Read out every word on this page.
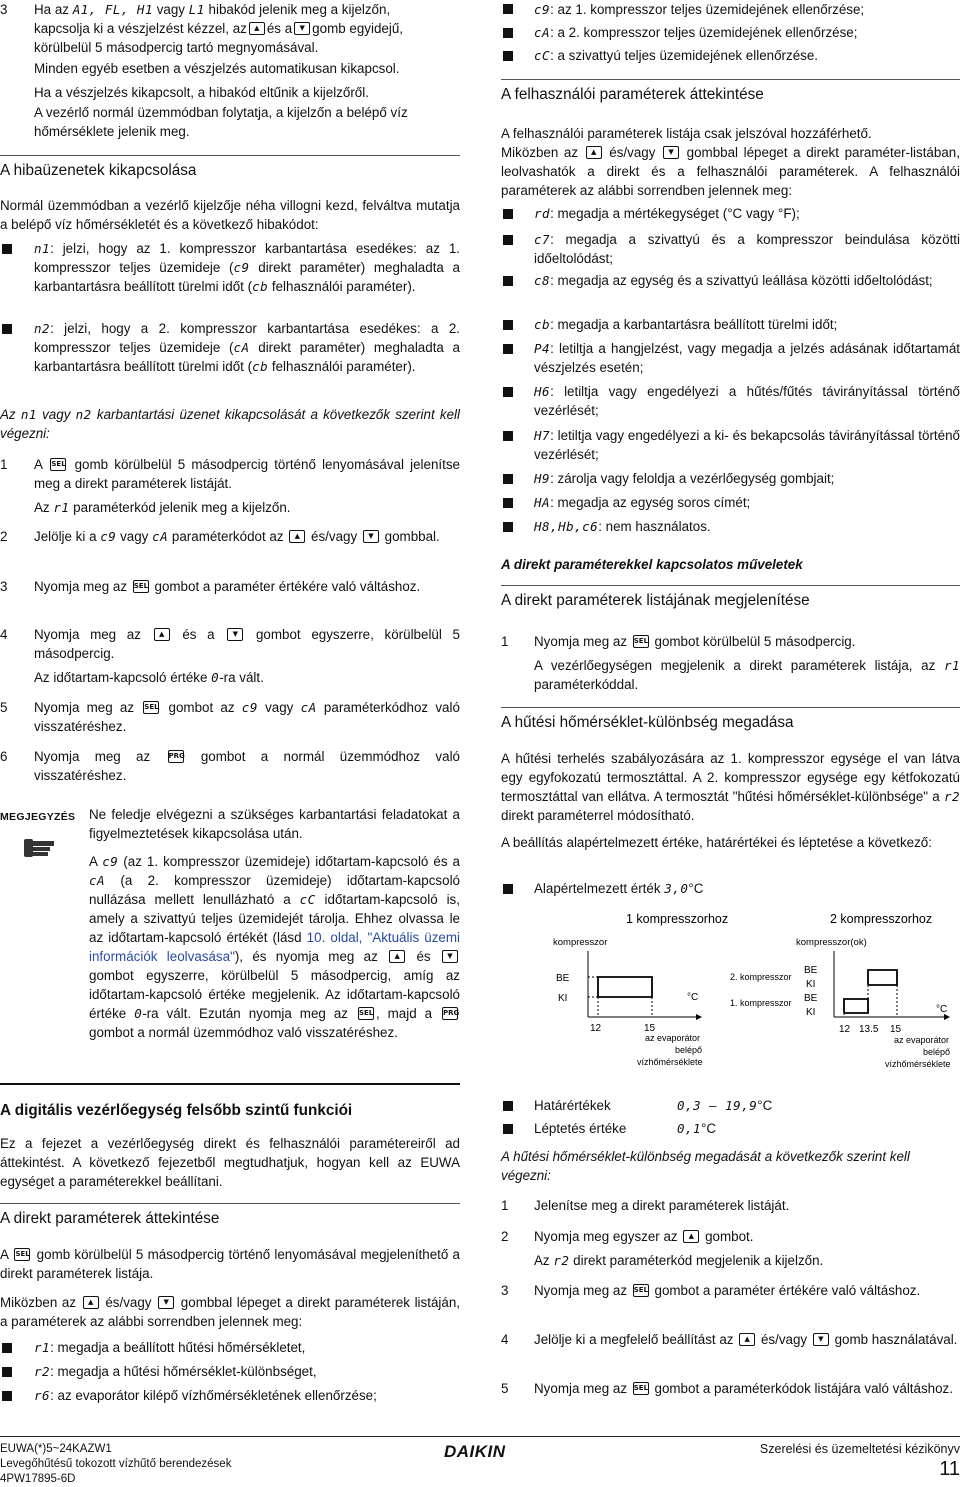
3 Ha az A1, FL, H1 vagy L1 hibakód jelenik meg a kijelzőn,

kapcsolja ki a vészjelzést kézzel, az ▲ és a ▼ gomb egyidejű,

körülbelül 5 másodpercig tartó megnyomásával.

Minden egyéb esetben a vészjelzés automatikusan kikapcsol.

Ha a vészjelzés kikapcsolt, a hibakód eltűnik a kijelzőről.

A vezérlő normál üzemmódban folytatja, a kijelzőn a belépő víz hőmérséklete jelenik meg.

A hibaüzenetek kikapcsolása

Normál üzemmódban a vezérlő kijelzője néha villogni kezd, felváltva mutatja a belépő víz hőmérsékletét és a következő hibakódot:

n1: jelzi, hogy az 1. kompresszor karbantartása esedékes: az 1. kompresszor teljes üzemideje (c9 direkt paraméter) meghaladta a karbantartásra beállított türelmi időt (cb felhasználói paraméter).

n2: jelzi, hogy a 2. kompresszor karbantartása esedékes: a 2. kompresszor teljes üzemideje (cA direkt paraméter) meghaladta a karbantartásra beállított türelmi időt (cb felhasználói paraméter).

Az n1 vagy n2 karbantartási üzenet kikapcsolását a következők szerint kell végezni:

1 A SEL gomb körülbelül 5 másodpercig történő lenyomásával jelenítse meg a direkt paraméterek listáját.

Az r1 paraméterkód jelenik meg a kijelzőn.

2 Jelölje ki a c9 vagy cA paraméterkódot az ▲ és/vagy ▼ gombbal.

3 Nyomja meg az SEL gombot a paraméter értékére való váltáshoz.

4 Nyomja meg az	▲ és a	▼ gombot egyszerre, körülbelül 5 másodpercig.

Az időtartam-kapcsoló értéke 0-ra vált.

5 Nyomja meg az SEL gombot az c9 vagy cA paraméterkódhoz való visszatéréshez.

6 Nyomja meg az	PRG gombot a normál üzemmódhoz való visszatéréshez.

MEGJEGYZÉS	Ne feledje elvégezni a szükséges karbantartási feladatokat a figyelmeztetések kikapcsolása után.

A c9 (az 1. kompresszor üzemideje) időtartam-kapcsoló és a cA (a 2. kompresszor üzemideje) időtartam-kapcsoló nullázása mellett lenullázható a cC időtartam-kapcsoló is, amely a szivattyú teljes üzemidejét tárolja. Ehhez olvassa le az időtartam-kapcsoló értékét (lásd 10. oldal, "Aktuális üzemi információk leolvasása"), és nyomja meg az ▲ és ▼ gombot egyszerre, körülbelül 5 másodpercig, amíg az időtartam-kapcsoló értéke megjelenik. Az időtartam-kapcsoló értéke 0-ra vált. Ezután nyomja meg az SEL , majd a PRG gombot a normál üzemmódhoz való visszatéréshez.

A digitális vezérlőegység felsőbb szintű funkciói

Ez a fejezet a vezérlőegység direkt és felhasználói paramétereiről ad áttekintést. A következő fejezetből megtudhatjuk, hogyan kell az EUWA egységet a paraméterekkel beállítani.

A direkt paraméterek áttekintése

A SEL gomb körülbelül 5 másodpercig történő lenyomásával megjeleníthető a direkt paraméterek listája.

Miközben az ▲ és/vagy ▼ gombbal lépeget a direkt paraméterek listáján, a paraméterek az alábbi sorrendben jelennek meg:

r1: megadja a beállított hűtési hőmérsékletet,

r2: megadja a hűtési hőmérséklet-különbséget,

r6: az evaporátor kilépő vízhőmérsékletének ellenőrzése;

c9: az 1. kompresszor teljes üzemidejének ellenőrzése;

cA: a 2. kompresszor teljes üzemidejének ellenőrzése;

cC: a szivattyú teljes üzemidejének ellenőrzése.

A felhasználói paraméterek áttekintése

A felhasználói paraméterek listája csak jelszóval hozzáférhető.

Miközben az ▲ és/vagy ▼ gombbal lépeget a direkt paraméter-listában, leolvashatók a direkt és a felhasználói paraméterek. A felhasználói paraméterek az alábbi sorrendben jelennek meg:

rd: megadja a mértékegységet (°C vagy °F);

c7: megadja a szivattyú és a kompresszor beindulása közötti időeltolódást;

c8: megadja az egység és a szivattyú leállása közötti időeltolódást;

cb: megadja a karbantartásra beállított türelmi időt;

P4: letiltja a hangjelzést, vagy megadja a jelzés adásának időtartamát vészjelzés esetén;

H6: letiltja vagy engedélyezi a hűtés/fűtés távirányítással történő vezérlését;

H7: letiltja vagy engedélyezi a ki- és bekapcsolás távirányítással történő vezérlését;

H9: zárolja vagy feloldja a vezérlőegység gombjait;

HA: megadja az egység soros címét;

H8,Hb,c6: nem használatos.

A direkt paraméterekkel kapcsolatos műveletek
A direkt paraméterek listájának megjelenítése
1 Nyomja meg az SEL gombot körülbelül 5 másodpercig.

A vezérlőegységen megjelenik a direkt paraméterek listája, az r1 paraméterkóddal.

A hűtési hőmérséklet-különbség megadása

A hűtési terhelés szabályozására az 1. kompresszor egysége el van látva egy egyfokozatú termosztáttal. A 2. kompresszor egysége egy kétfokozatú termosztáttal van ellátva. A termosztát "hűtési hőmérséklet-különbsége" a r2 direkt paraméterrel módosítható.

A beállítás alapértelmezett értéke, határértékei és léptetése a következő:

Alapértelmezett érték 3,0°C

1 kompresszorhoz	2 kompresszorhoz
kompresszor	kompresszor(ok)
BE
KI
12	15
°C
az evaporátor
belépő
vízhőmérséklete
2. kompresszor
1. kompresszor
BE
KI
BE
KI
12 13.5 15
°C
az evaporátor
belépő
vízhőmérséklete

Határértékek	0,3 — 19,9°C

Léptetés értéke	0,1°C

A hűtési hőmérséklet-különbség megadását a következők szerint kell végezni:

1 Jelenítse meg a direkt paraméterek listáját.

2 Nyomja meg egyszer az ▲ gombot.

Az r2 direkt paraméterkód megjelenik a kijelzőn.

3 Nyomja meg az SEL gombot a paraméter értékére való váltáshoz.

4 Jelölje ki a megfelelő beállítást az ▲ és/vagy ▼ gomb használatával.

5 Nyomja meg az SEL gombot a paraméterkódok listájára való váltáshoz.

EUWA(*)5~24KAZW1
Levegőhűtésű tokozott vízhűtő berendezések
4PW17895-6D
DAIKIN	Szerelési és üzemeltetési kézikönyv
11
